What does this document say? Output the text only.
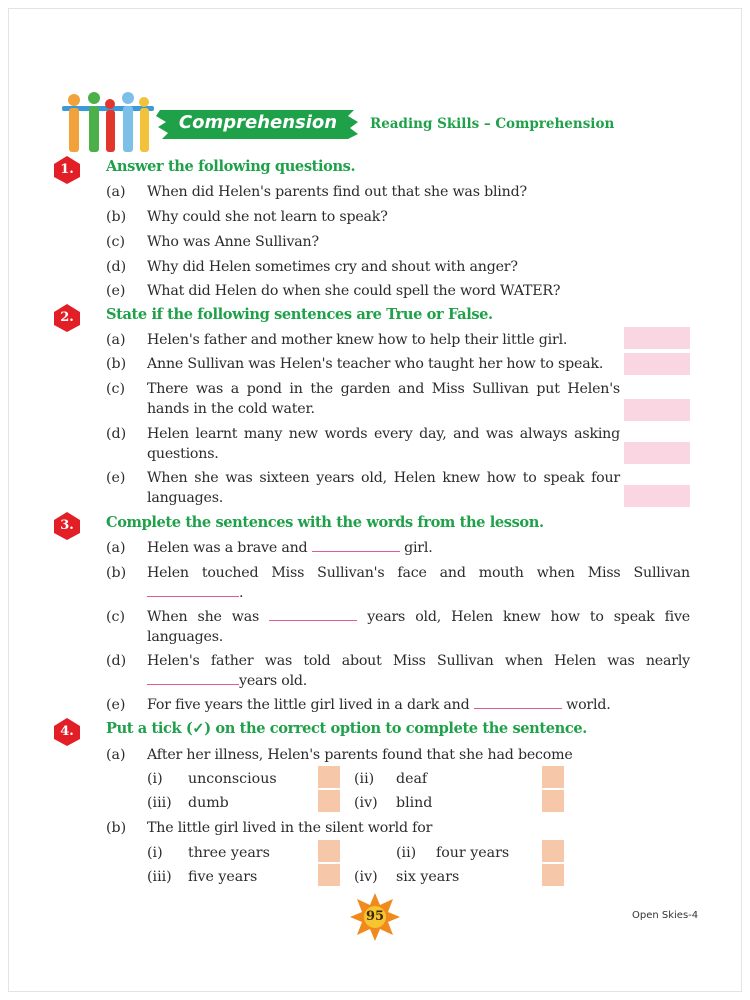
Comprehension	Reading Skills – Comprehension
1.	Answer the following questions.
(a)	When did Helen's parents find out that she was blind?
(b)	Why could she not learn to speak?
(c)	Who was Anne Sullivan?
(d)	Why did Helen sometimes cry and shout with anger?
(e)	What did Helen do when she could spell the word WATER?
2.	State if the following sentences are True or False.
(a)	Helen's father and mother knew how to help their little girl.
(b)	Anne Sullivan was Helen's teacher who taught her how to speak.
(c)	There was a pond in the garden and Miss Sullivan put Helen's hands in the cold water.
(d)	Helen learnt many new words every day, and was always asking questions.
(e)	When she was sixteen years old, Helen knew how to speak four languages.
3.	Complete the sentences with the words from the lesson.
(a)	Helen was a brave and	girl.
(b)	Helen touched Miss Sullivan's face and mouth when Miss Sullivan .
(c)	When she was	years old, Helen knew how to speak five languages.
(d)	Helen's father was told about Miss Sullivan when Helen was nearly years old.
(e)	For five years the little girl lived in a dark and	world.
4.	Put a tick (✓) on the correct option to complete the sentence.
(a)	After her illness, Helen's parents found that she had become
(i) unconscious	(ii) deaf
(iii) dumb	(iv) blind
(b)	The little girl lived in the silent world for
(i) three years	(ii) four years
(iii) five years	(iv) six years
95	Open Skies-4
